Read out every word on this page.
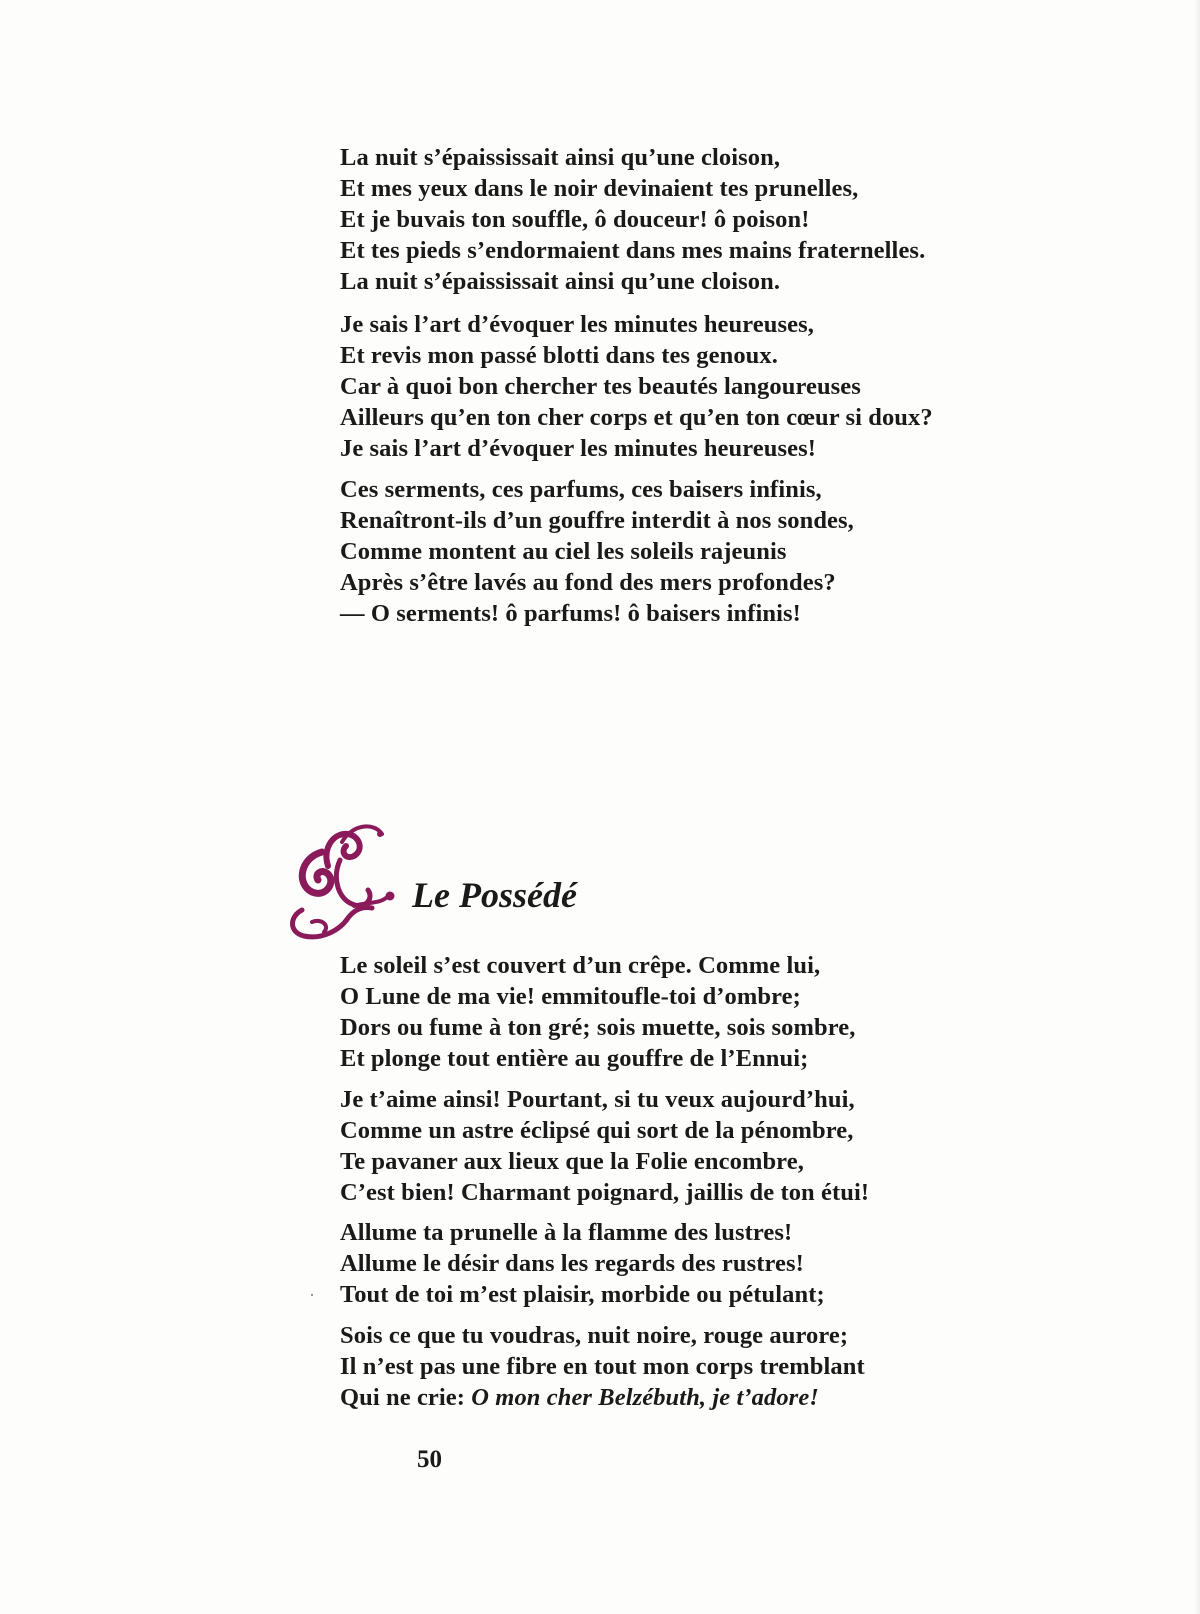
La nuit s’épaississait ainsi qu’une cloison,
Et mes yeux dans le noir devinaient tes prunelles,
Et je buvais ton souffle, ô douceur! ô poison!
Et tes pieds s’endormaient dans mes mains fraternelles.
La nuit s’épaississait ainsi qu’une cloison.
Je sais l’art d’évoquer les minutes heureuses,
Et revis mon passé blotti dans tes genoux.
Car à quoi bon chercher tes beautés langoureuses
Ailleurs qu’en ton cher corps et qu’en ton cœur si doux?
Je sais l’art d’évoquer les minutes heureuses!
Ces serments, ces parfums, ces baisers infinis,
Renaîtront-ils d’un gouffre interdit à nos sondes,
Comme montent au ciel les soleils rajeunis
Après s’être lavés au fond des mers profondes?
— O serments! ô parfums! ô baisers infinis!
Le Possédé
Le soleil s’est couvert d’un crêpe. Comme lui,
O Lune de ma vie! emmitoufle-toi d’ombre;
Dors ou fume à ton gré; sois muette, sois sombre,
Et plonge tout entière au gouffre de l’Ennui;
Je t’aime ainsi! Pourtant, si tu veux aujourd’hui,
Comme un astre éclipsé qui sort de la pénombre,
Te pavaner aux lieux que la Folie encombre,
C’est bien! Charmant poignard, jaillis de ton étui!
Allume ta prunelle à la flamme des lustres!
Allume le désir dans les regards des rustres!
Tout de toi m’est plaisir, morbide ou pétulant;
Sois ce que tu voudras, nuit noire, rouge aurore;
Il n’est pas une fibre en tout mon corps tremblant
Qui ne crie: O mon cher Belzébuth, je t’adore!
50
